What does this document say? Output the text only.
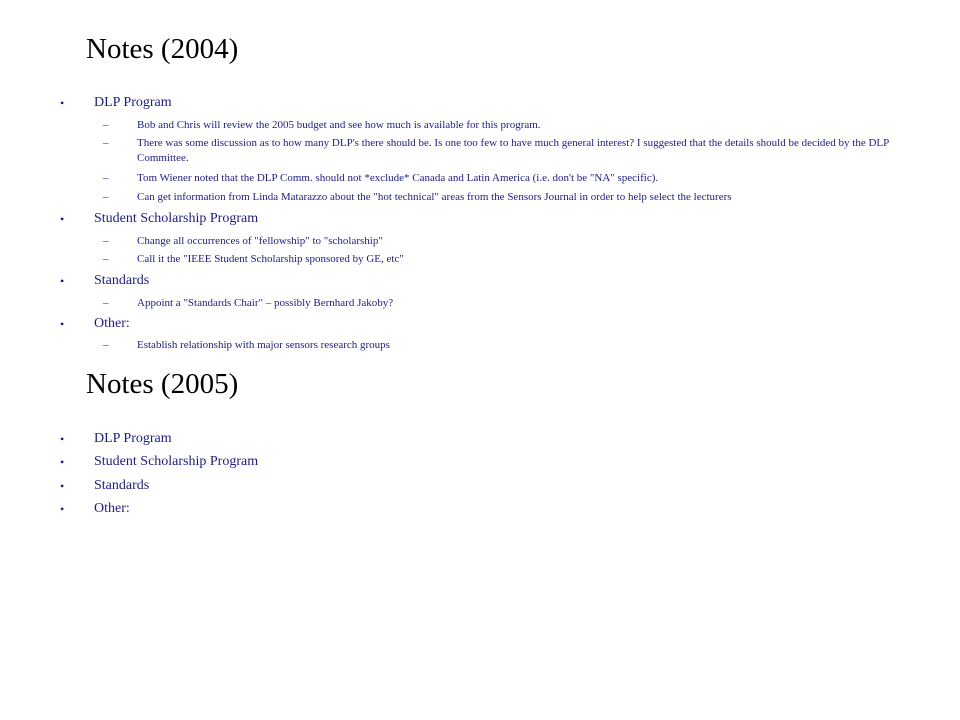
Notes (2004)
• DLP Program
–	Bob and Chris will review the 2005 budget and see how much is available for this program.
–	There was some discussion as to how many DLP's there should be. Is one too few to have much general interest? I suggested that the details should be decided by the DLP Committee.
–	Tom Wiener noted that the DLP Comm. should not *exclude* Canada and Latin America (i.e. don't be "NA" specific).
–	Can get information from Linda Matarazzo about the "hot technical" areas from the Sensors Journal in order to help select the lecturers
• Student Scholarship Program
–	Change all occurrences of "fellowship" to "scholarship"
–	Call it the "IEEE Student Scholarship sponsored by GE, etc"
• Standards
–	Appoint a "Standards Chair" – possibly Bernhard Jakoby?
• Other:
–	Establish relationship with major sensors research groups
Notes (2005)
• DLP Program
• Student Scholarship Program
• Standards
• Other:
